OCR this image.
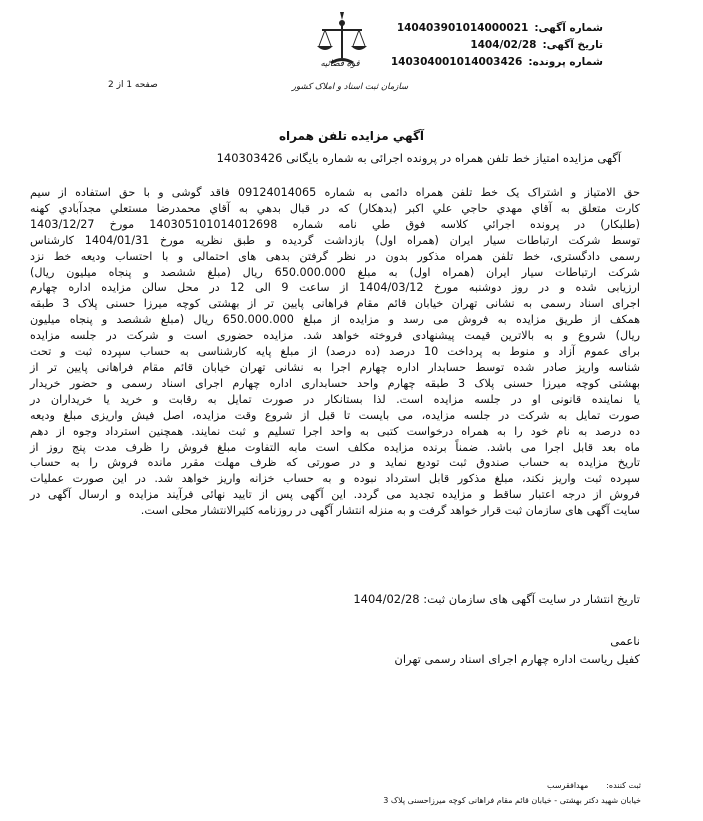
شماره آگهی:
140403901014000021
تاریخ آگهی:
1404/02/28
شماره پرونده:
140304001014003426
صفحه 1 از 2
قوه قضائیه
سازمان ثبت اسناد و املاک کشور
آگهي مزايده تلفن همراه
آگهی مزایده امتیاز خط تلفن همراه در پرونده اجرائی به شماره بایگانی 140303426
حق الامتیاز و اشتراک یک خط تلفن همراه دائمی به شماره 09124014065 فاقد گوشی و با حق استفاده از سیم
کارت متعلق به آقاي مهدي حاجي علي اكبر (بدهكار) كه در قبال بدهي به آقاي محمدرضا مستعلي مجدآبادي كهنه
(طلبكار) در پرونده اجرائي كلاسه فوق طي نامه شماره 140305101014012698 مورخ 1403/12/27
توسط شرکت ارتباطات سیار ایران (همراه اول) بازداشت گردیده و طبق نظریه مورخ 1404/01/31 کارشناس
رسمی دادگستری، خط تلفن همراه مذکور بدون در نظر گرفتن بدهی های احتمالی و با احتساب ودیعه خط نزد
شرکت ارتباطات سیار ایران (همراه اول) به مبلغ 650.000.000 ریال (مبلغ ششصد و پنجاه میلیون ریال)
ارزیابی شده و در روز دوشنبه مورخ 1404/03/12 از ساعت 9 الی 12 در محل سالن مزایده اداره چهارم
اجرای اسناد رسمی به نشانی تهران خیابان قائم مقام فراهانی پایین تر از بهشتی کوچه میرزا حسنی پلاک 3 طبقه
همکف از طریق مزایده به فروش می رسد و مزایده از مبلغ 650.000.000 ریال (مبلغ ششصد و پنجاه میلیون
ریال) شروع و به بالاترین قیمت پیشنهادی فروخته خواهد شد. مزایده حضوری است و شرکت در جلسه مزایده
برای عموم آزاد و منوط به پرداخت 10 درصد (ده درصد) از مبلغ پایه کارشناسی به حساب سپرده ثبت و تحت
شناسه واریز صادر شده توسط حسابدار اداره چهارم اجرا به نشانی تهران خیابان قائم مقام فراهانی پایین تر از
بهشتی کوچه میرزا حسنی پلاک 3 طبقه چهارم واحد حسابداری اداره چهارم اجرای اسناد رسمی و حضور خریدار
یا نماینده قانونی او در جلسه مزایده است. لذا بستانکار در صورت تمایل به رقابت و خرید یا خریداران در
صورت تمایل به شرکت در جلسه مزایده، می بایست تا قبل از شروع وقت مزایده، اصل فیش واریزی مبلغ ودیعه
ده درصد به نام خود را به همراه درخواست کتبی به واحد اجرا تسلیم و ثبت نمایند. همچنین استرداد وجوه از دهم
ماه بعد قابل اجرا می باشد. ضمناً برنده مزایده مکلف است مابه التفاوت مبلغ فروش را ظرف مدت پنج روز از
تاریخ مزایده به حساب صندوق ثبت تودیع نماید و در صورتی که ظرف مهلت مقرر مانده فروش را به حساب
سپرده ثبت واریز نکند، مبلغ مذکور قابل استرداد نبوده و به حساب خزانه واریز خواهد شد. در این صورت عملیات
فروش از درجه اعتبار ساقط و مزایده تجدید می گردد. این آگهی پس از تایید نهائی فرآیند مزایده و ارسال آگهی در
سایت آگهی های سازمان ثبت قرار خواهد گرفت و به منزله انتشار آگهی در روزنامه کثیرالانتشار محلی است.
تاريخ انتشار در سايت آگهی های سازمان ثبت: 1404/02/28
ناعمی
کفیل ریاست اداره چهارم اجرای اسناد رسمی تهران
ثبت کننده:
مهدافقرسب
خیابان شهید دکتر بهشتی - خیابان قائم مقام فراهانی کوچه میرزاحسنی پلاک 3
